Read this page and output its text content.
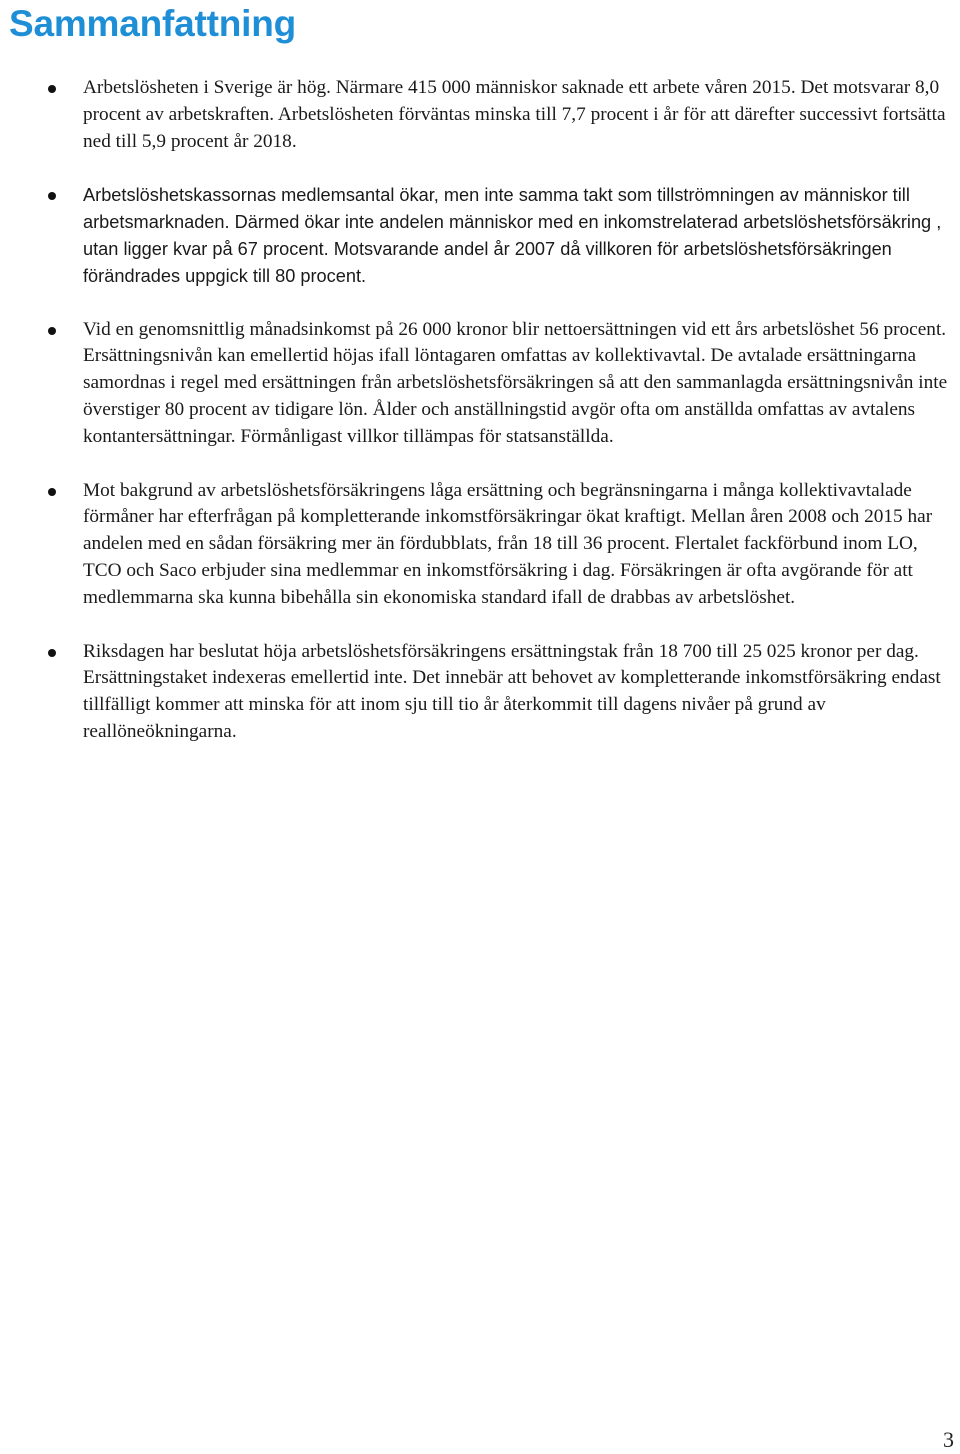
Sammanfattning
Arbetslösheten i Sverige är hög. Närmare 415 000 människor saknade ett arbete våren 2015. Det motsvarar 8,0 procent av arbetskraften. Arbetslösheten förväntas minska till 7,7 procent i år för att därefter successivt fortsätta ned till 5,9 procent år 2018.
Arbetslöshetskassornas medlemsantal ökar, men inte samma takt som tillströmningen av människor till arbetsmarknaden. Därmed ökar inte andelen människor med en inkomstrelaterad arbetslöshetsförsäkring , utan ligger kvar på 67 procent. Motsvarande andel år 2007 då villkoren för arbetslöshetsförsäkringen förändrades uppgick till 80 procent.
Vid en genomsnittlig månadsinkomst på 26 000 kronor blir nettoersättningen vid ett års arbetslöshet 56 procent. Ersättningsnivån kan emellertid höjas ifall löntagaren omfattas av kollektivavtal. De avtalade ersättningarna samordnas i regel med ersättningen från arbetslöshetsförsäkringen så att den sammanlagda ersättningsnivån inte överstiger 80 procent av tidigare lön. Ålder och anställningstid avgör ofta om anställda omfattas av avtalens kontantersättningar. Förmånligast villkor tillämpas för statsanställda.
Mot bakgrund av arbetslöshetsförsäkringens låga ersättning och begränsningarna i många kollektivavtalade förmåner har efterfrågan på kompletterande inkomstförsäkringar ökat kraftigt. Mellan åren 2008 och 2015 har andelen med en sådan försäkring mer än fördubblats, från 18 till 36 procent. Flertalet fackförbund inom LO, TCO och Saco erbjuder sina medlemmar en inkomstförsäkring i dag. Försäkringen är ofta avgörande för att medlemmarna ska kunna bibehålla sin ekonomiska standard ifall de drabbas av arbetslöshet.
Riksdagen har beslutat höja arbetslöshetsförsäkringens ersättningstak från 18 700 till 25 025 kronor per dag. Ersättningstaket indexeras emellertid inte. Det innebär att behovet av kompletterande inkomstförsäkring endast tillfälligt kommer att minska för att inom sju till tio år återkommit till dagens nivåer på grund av reallöneökningarna.
3
